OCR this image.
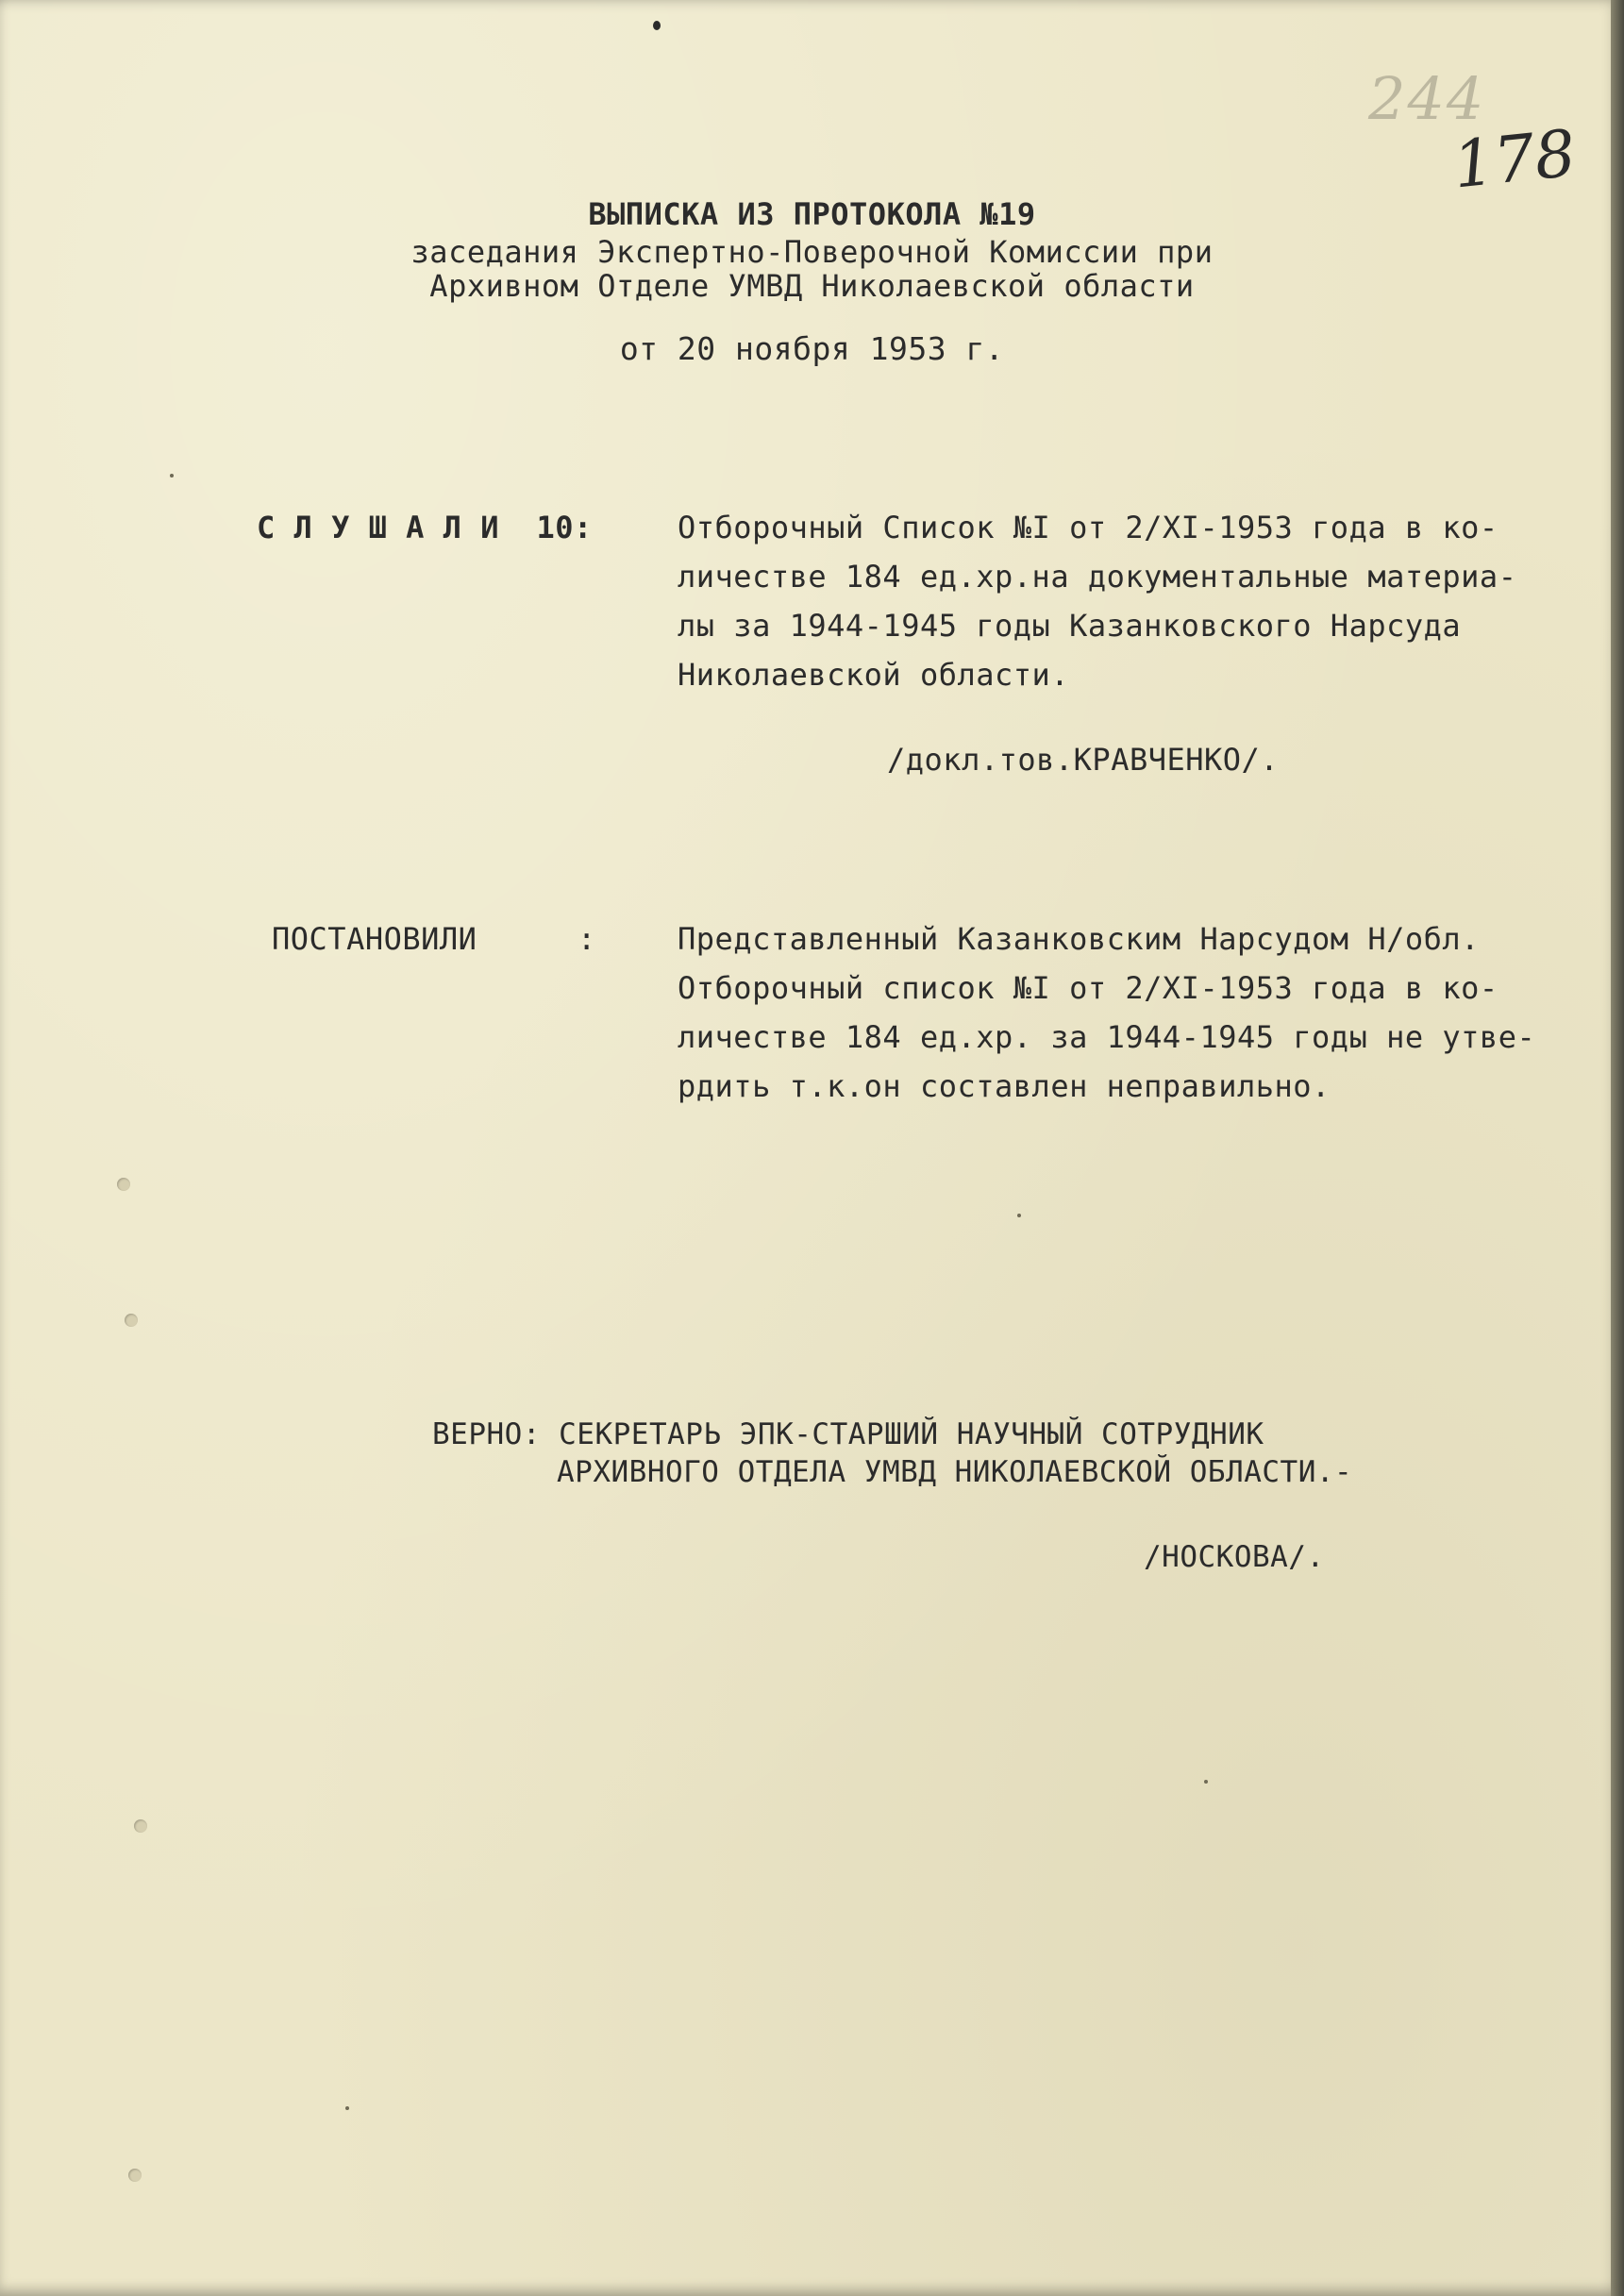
244
178
ВЫПИСКА ИЗ ПРОТОКОЛА №19
заседания Экспертно-Поверочной Комиссии при
Архивном Отделе УМВД Николаевской области
от 20 ноября 1953 г.
С Л У Ш А Л И  10:	Отборочный Список №I от 2/XI-1953 года в ко-
личестве 184 ед.хр.на документальные материа-
лы за 1944-1945 годы Казанковского Нарсуда
Николаевской области.
/докл.тов.КРАВЧЕНКО/.
ПОСТАНОВИЛИ	:	Представленный Казанковским Нарсудом Н/обл.
Отборочный список №I от 2/XI-1953 года в ко-
личестве 184 ед.хр. за 1944-1945 годы не утве-
рдить т.к.он составлен неправильно.
ВЕРНО: СЕКРЕТАРЬ ЭПК-СТАРШИЙ НАУЧНЫЙ СОТРУДНИК
АРХИВНОГО ОТДЕЛА УМВД НИКОЛАЕВСКОЙ ОБЛАСТИ.-
/НОСКОВА/.
